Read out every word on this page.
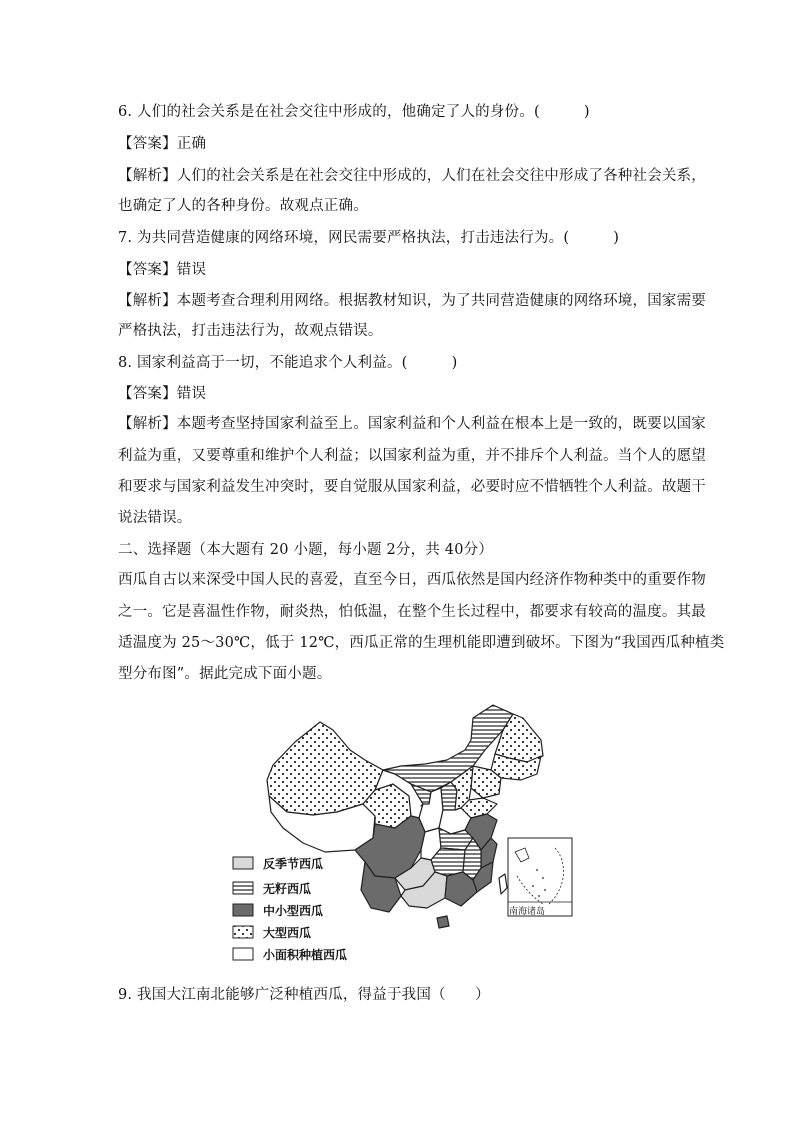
6. 人们的社会关系是在社会交往中形成的，他确定了人的身份。(　　　)
【答案】正确
【解析】人们的社会关系是在社会交往中形成的，人们在社会交往中形成了各种社会关系，
也确定了人的各种身份。故观点正确。
7. 为共同营造健康的网络环境，网民需要严格执法，打击违法行为。(　　　)
【答案】错误
【解析】本题考查合理利用网络。根据教材知识，为了共同营造健康的网络环境，国家需要
严格执法，打击违法行为，故观点错误。
8. 国家利益高于一切，不能追求个人利益。(　　　)
【答案】错误
【解析】本题考查坚持国家利益至上。国家利益和个人利益在根本上是一致的，既要以国家
利益为重，又要尊重和维护个人利益；以国家利益为重，并不排斥个人利益。当个人的愿望
和要求与国家利益发生冲突时，要自觉服从国家利益，必要时应不惜牺牲个人利益。故题干
说法错误。
二、选择题（本大题有 20 小题，每小题 2分，共 40分）
西瓜自古以来深受中国人民的喜爱，直至今日，西瓜依然是国内经济作物种类中的重要作物
之一。它是喜温性作物，耐炎热，怕低温，在整个生长过程中，都要求有较高的温度。其最
适温度为 25～30℃，低于 12℃，西瓜正常的生理机能即遭到破坏。下图为“我国西瓜种植类
型分布图”。据此完成下面小题。
反季节西瓜
无籽西瓜
中小型西瓜
大型西瓜
小面积种植西瓜
南海诸岛
9. 我国大江南北能够广泛种植西瓜，得益于我国（　　）
